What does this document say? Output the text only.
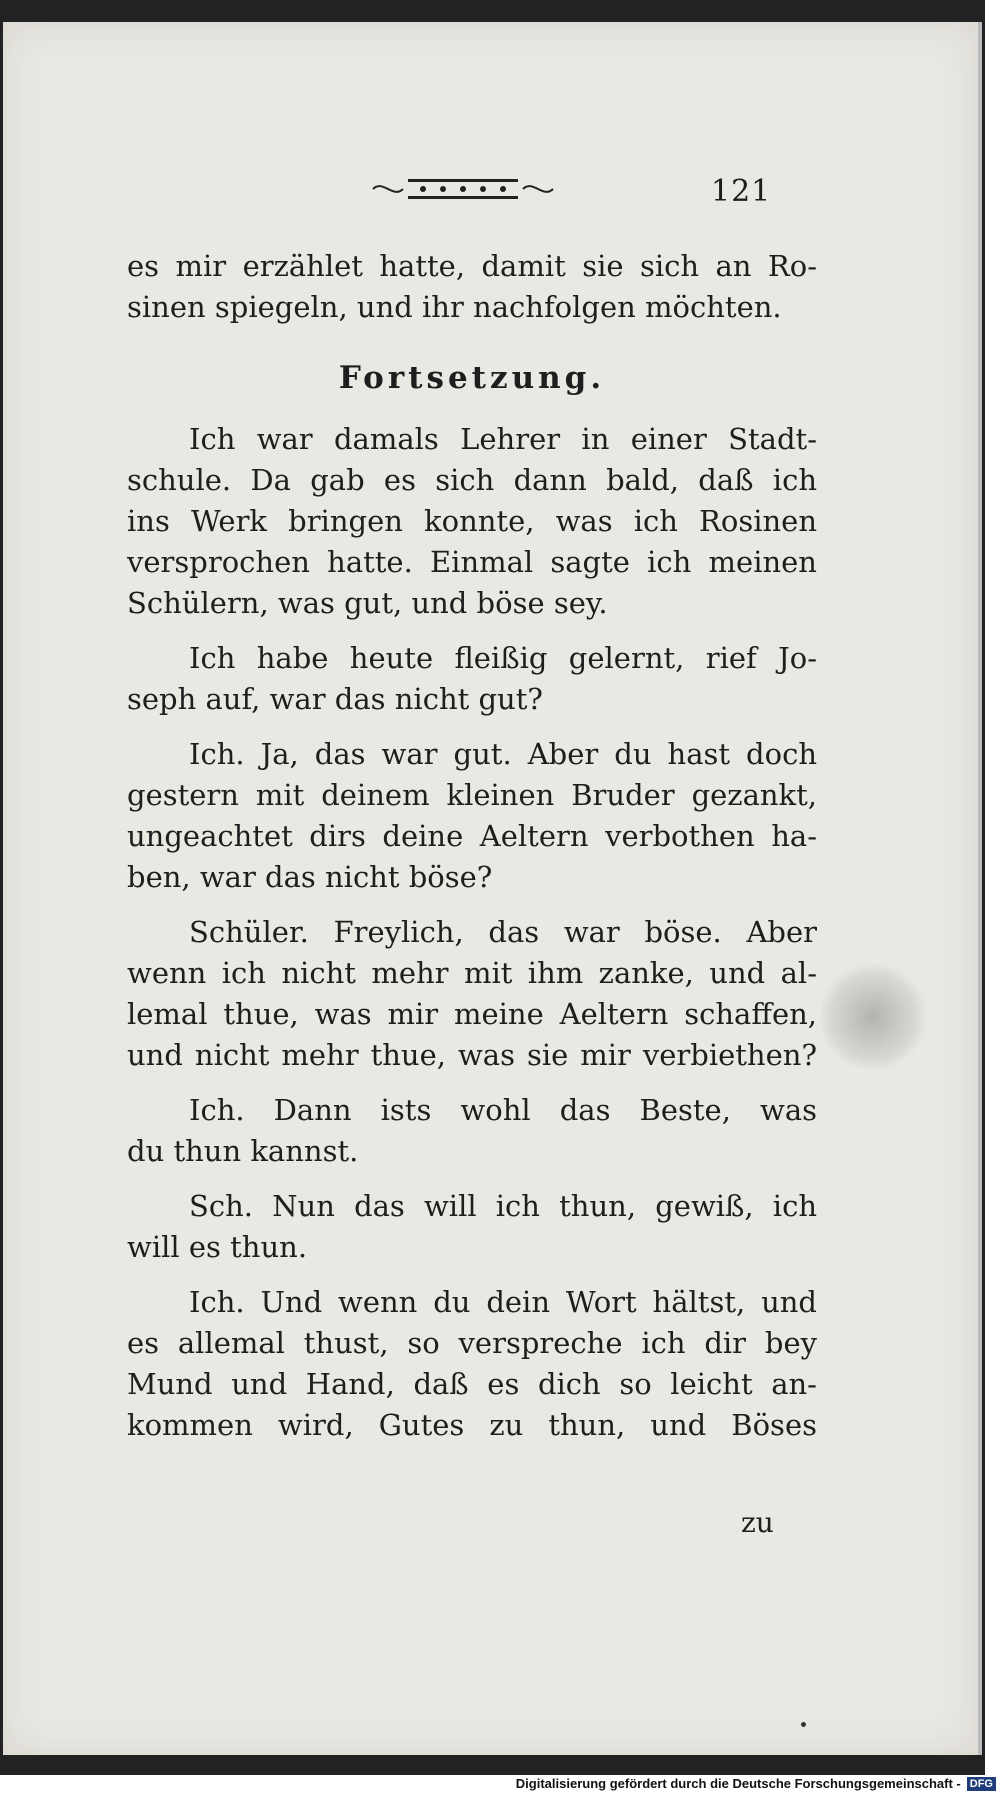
121
es mir erzählet hatte, damit sie sich an Ro-
sinen spiegeln, und ihr nachfolgen möchten.
Fortsetzung.
Ich war damals Lehrer in einer Stadt-
schule. Da gab es sich dann bald, daß ich
ins Werk bringen konnte, was ich Rosinen
versprochen hatte. Einmal sagte ich meinen
Schülern, was gut, und böse sey.
Ich habe heute fleißig gelernt, rief Jo-
seph auf, war das nicht gut?
Ich. Ja, das war gut. Aber du hast doch
gestern mit deinem kleinen Bruder gezankt,
ungeachtet dirs deine Aeltern verbothen ha-
ben, war das nicht böse?
Schüler. Freylich, das war böse. Aber
wenn ich nicht mehr mit ihm zanke, und al-
lemal thue, was mir meine Aeltern schaffen,
und nicht mehr thue, was sie mir verbiethen?
Ich. Dann ists wohl das Beste, was
du thun kannst.
Sch. Nun das will ich thun, gewiß, ich
will es thun.
Ich. Und wenn du dein Wort hältst, und
es allemal thust, so verspreche ich dir bey
Mund und Hand, daß es dich so leicht an-
kommen wird, Gutes zu thun, und Böses
zu
Digitalisierung gefördert durch die Deutsche Forschungsgemeinschaft - DFG
